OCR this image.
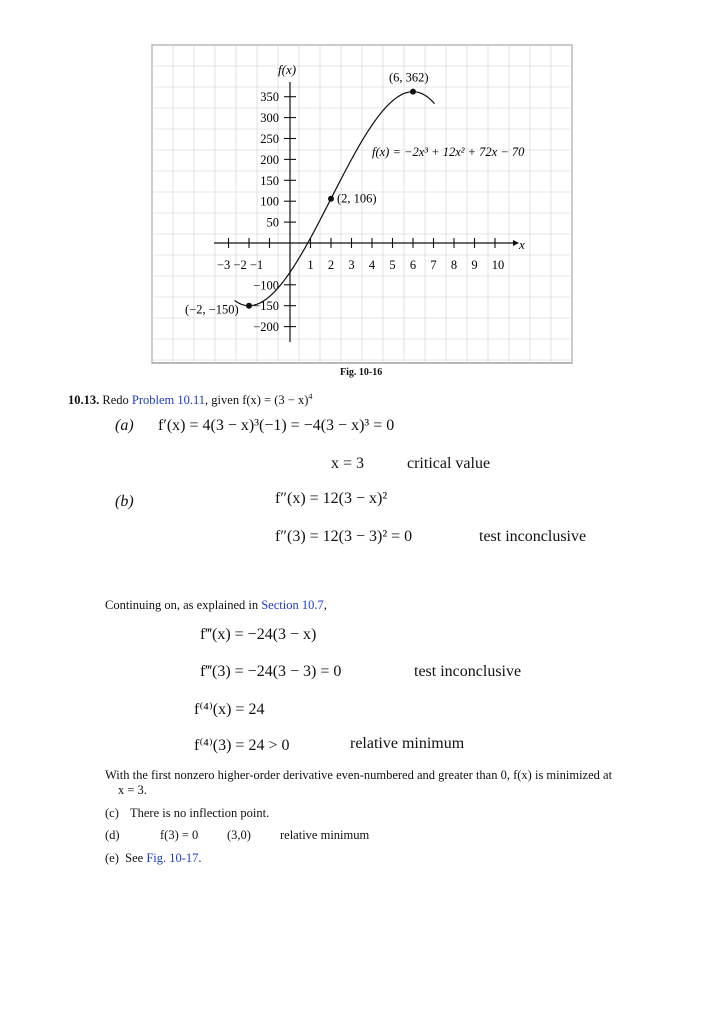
350
300
250
200
150
100
50
−100
−150
−200
1 2 3 4 5 6 7 8 9 10
(6, 362)
(2, 106)
(−2, −150)
f(x)
x
f(x) = −2x³ + 12x² + 72x − 70
−3 −2 −1
Fig. 10-16
10.13. Redo Problem 10.11, given $f(x) = (3 - x)^4$
(a) f′(x) = 4(3 − x)³(−1) = −4(3 − x)³ = 0
x = 3	critical value
(b)	f″(x) = 12(3 − x)²
f″(3) = 12(3 − 3)² = 0	test inconclusive
Continuing on, as explained in Section 10.7,
f‴(x) = −24(3 − x)
f‴(3) = −24(3 − 3) = 0	test inconclusive
f⁽⁴⁾(x) = 24
f⁽⁴⁾(3) = 24 > 0	relative minimum
With the first nonzero higher-order derivative even-numbered and greater than 0, f(x) is minimized at
x = 3.
(c) There is no inflection point.
(d)	f(3) = 0 (3,0) relative minimum
(e) See Fig. 10-17.
